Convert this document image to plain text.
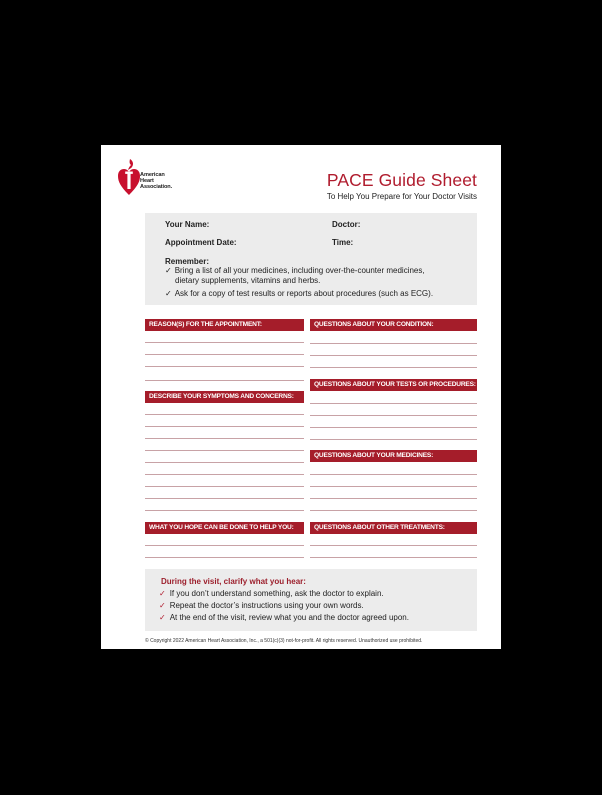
American
Heart
Association.	PACE Guide Sheet
To Help You Prepare for Your Doctor Visits
Your Name:	Doctor:
Appointment Date:	Time:
Remember:
✓ Bring a list of all your medicines, including over-the-counter medicines,
dietary supplements, vitamins and herbs.
✓ Ask for a copy of test results or reports about procedures (such as ECG).
REASON(S) FOR THE APPOINTMENT:
DESCRIBE YOUR SYMPTOMS AND CONCERNS:
WHAT YOU HOPE CAN BE DONE TO HELP YOU:
QUESTIONS ABOUT YOUR CONDITION:
QUESTIONS ABOUT YOUR TESTS OR PROCEDURES:
QUESTIONS ABOUT YOUR MEDICINES:
QUESTIONS ABOUT OTHER TREATMENTS:
During the visit, clarify what you hear:
✓ If you don’t understand something, ask the doctor to explain.
✓ Repeat the doctor’s instructions using your own words.
✓ At the end of the visit, review what you and the doctor agreed upon.
© Copyright 2022 American Heart Association, Inc., a 501(c)(3) not-for-profit. All rights reserved. Unauthorized use prohibited.
